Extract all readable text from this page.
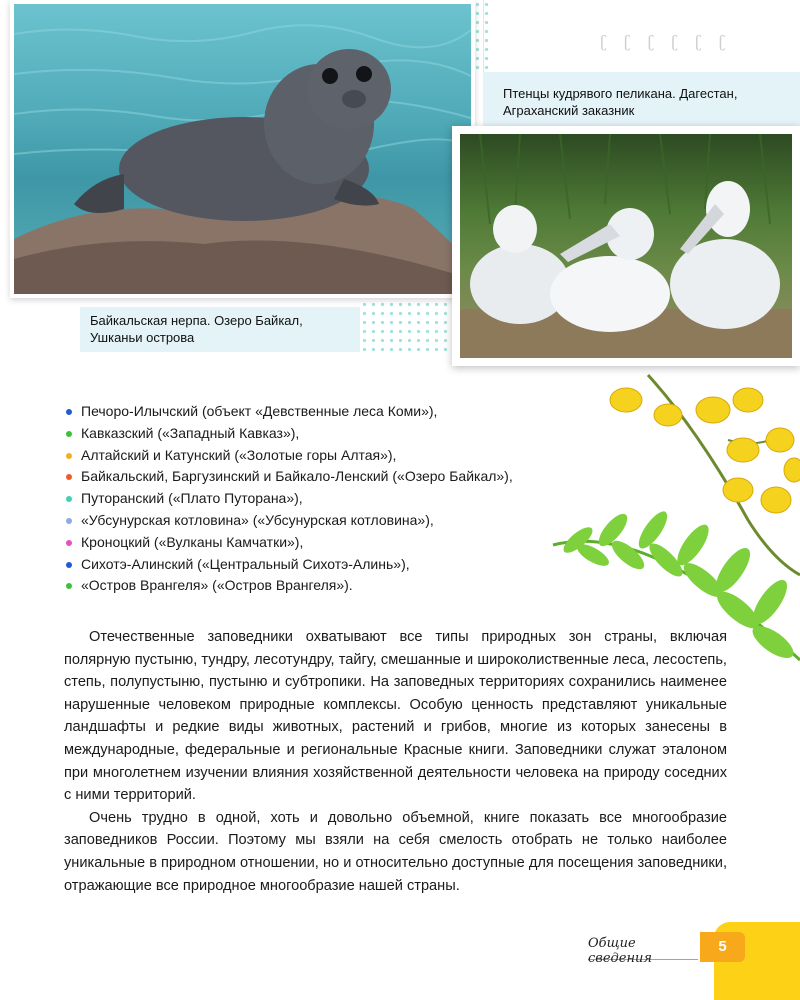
ʗʗʗʗʗʗ
Байкальская нерпа. Озеро Байкал, Ушканьи острова
Птенцы кудрявого пеликана. Дагестан, Аграханский заказник
Печоро-Илычский (объект «Девственные леса Коми»),
Кавказский («Западный Кавказ»),
Алтайский и Катунский («Золотые горы Алтая»),
Байкальский, Баргузинский и Байкало-Ленский («Озеро Байкал»),
Путоранский («Плато Путорана»),
«Убсунурская котловина» («Убсунурская котловина»),
Кроноцкий («Вулканы Камчатки»),
Сихотэ-Алинский («Центральный Сихотэ-Алинь»),
«Остров Врангеля» («Остров Врангеля»).

Отечественные заповедники охватывают все типы природных зон страны, включая полярную пустыню, тундру, лесотундру, тайгу, смешанные и широколиственные леса, лесостепь, степь, полупустыню, пустыню и субтропики. На заповедных территориях сохранились наименее нарушенные человеком природные комплексы. Особую ценность представляют уникальные ландшафты и редкие виды животных, растений и грибов, многие из которых занесены в международные, федеральные и региональные Красные книги. Заповедники служат эталоном при многолетнем изучении влияния хозяйственной деятельности человека на природу соседних с ними территорий.

Очень трудно в одной, хоть и довольно объемной, книге показать все многообразие заповедников России. Поэтому мы взяли на себя смелость отобрать не только наиболее уникальные в природном отношении, но и относительно доступные для посещения заповедники, отражающие все природное многообразие нашей страны.

Общие сведения
5
